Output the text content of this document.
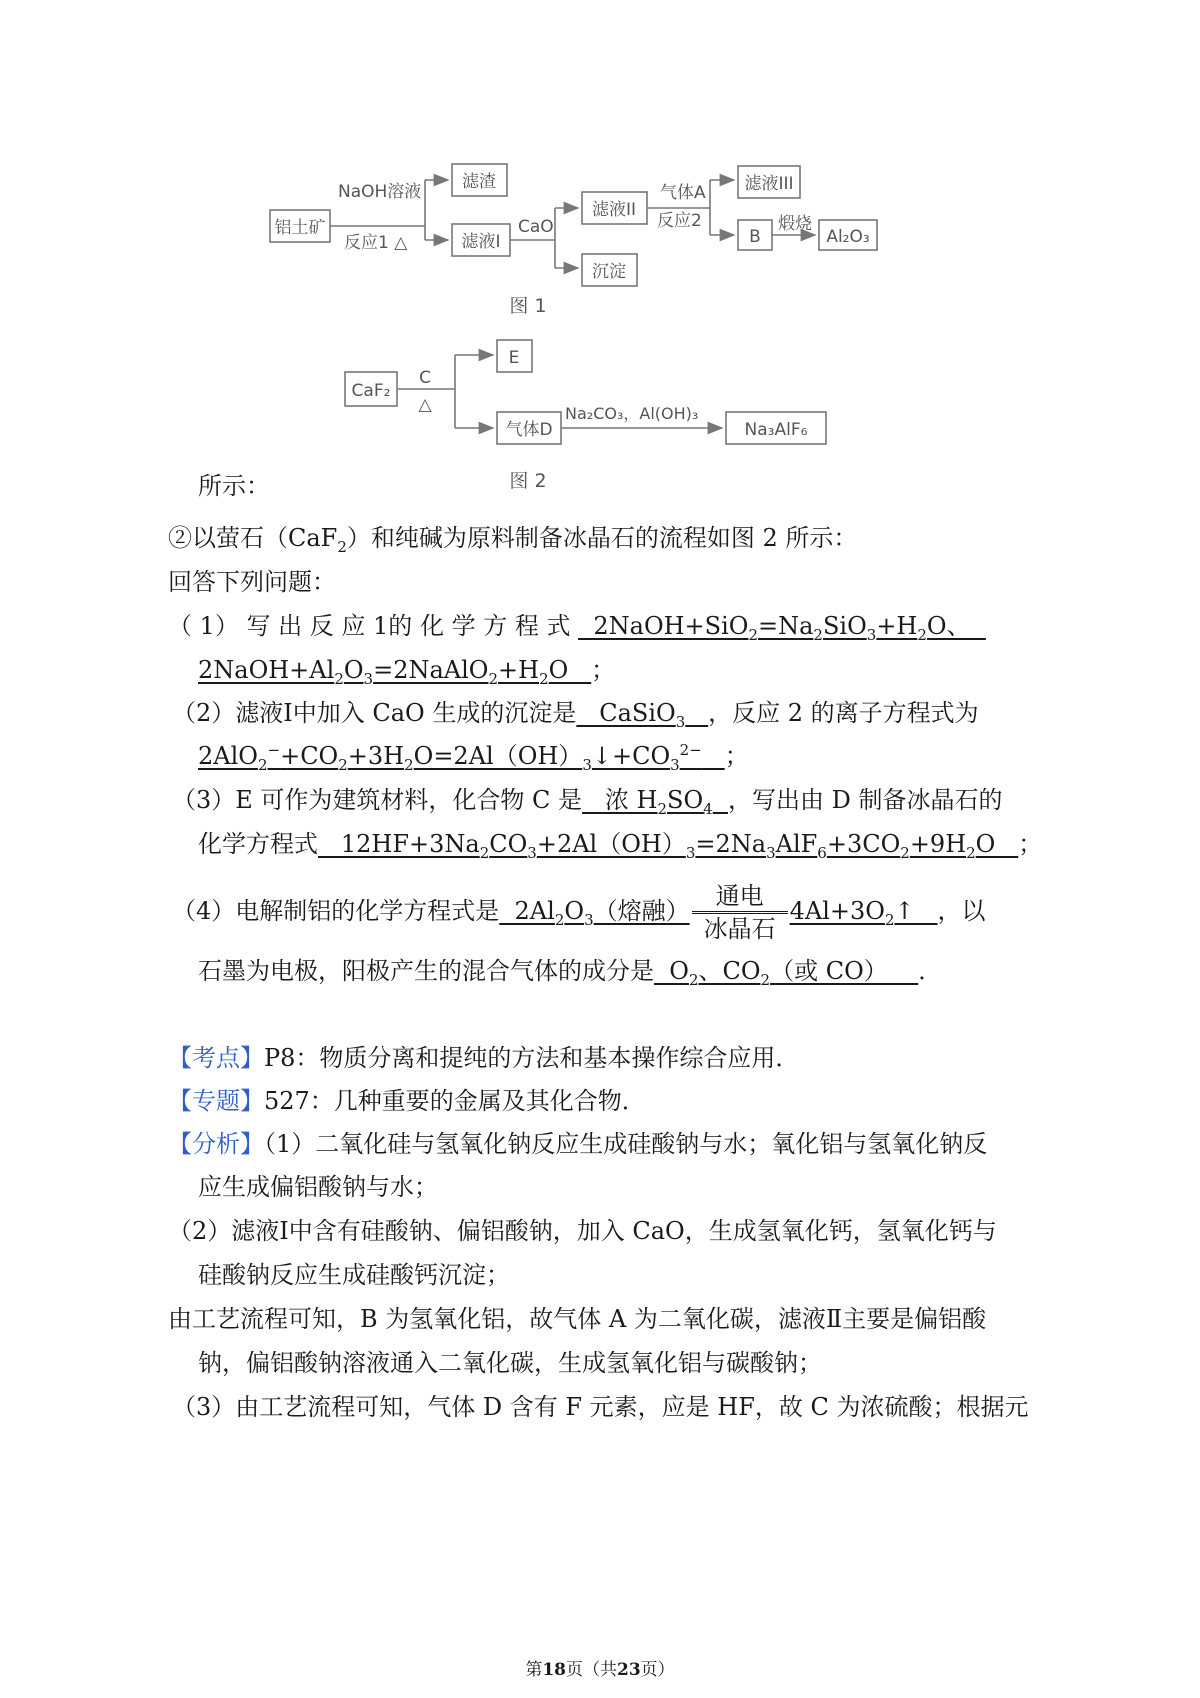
铝土矿
NaOH溶液
反应1 △
滤渣
滤液I
CaO
滤液II
沉淀
气体A
反应2
滤液III
B
煅烧
Al₂O₃
图 1
CaF₂
C
△
E
气体D
Na₂CO₃，Al(OH)₃
Na₃AlF₆
图 2
所示：
②以萤石（CaF$_2$）和纯碱为原料制备冰晶石的流程如图 2 所示：
回答下列问题：
（ 1） 写 出 反 应 1的 化 学 方 程 式   $2NaOH+SiO_2=Na_2SiO_3+H_2O$、
$2NaOH+Al_2O_3=2NaAlO_2+H_2O$   ；
（2）滤液Ⅰ中加入 CaO 生成的沉淀是   CaSiO$_3$ ，反应 2 的离子方程式为
$2AlO_2^-+CO_2+3H_2O=2Al(OH)_3↓+CO_3^{2-}$ ；
（3）E 可作为建筑材料，化合物 C 是   浓 $H_2SO_4$ ，写出由 D 制备冰晶石的
化学方程式   $12HF+3Na_2CO_3+2Al(OH)_3=2Na_3AlF_6+3CO_2+9H_2O$   ；
（4）电解制铝的化学方程式是  $2Al_2O_3$（熔融） $\frac{\text{通电}}{\text{冰晶石}}$ $4Al+3O_2↑$   ，以
石墨为电极，阳极产生的混合气体的成分是  $O_2$、$CO_2$（或 CO）    ．
【考点】P8：物质分离和提纯的方法和基本操作综合应用．
【专题】527：几种重要的金属及其化合物．
【分析】（1）二氧化硅与氢氧化钠反应生成硅酸钠与水；氧化铝与氢氧化钠反
应生成偏铝酸钠与水；
（2）滤液Ⅰ中含有硅酸钠、偏铝酸钠，加入 CaO，生成氢氧化钙，氢氧化钙与
硅酸钠反应生成硅酸钙沉淀；
由工艺流程可知，B 为氢氧化铝，故气体 A 为二氧化碳，滤液Ⅱ主要是偏铝酸
钠，偏铝酸钠溶液通入二氧化碳，生成氢氧化铝与碳酸钠；
（3）由工艺流程可知，气体 D 含有 F 元素，应是 HF，故 C 为浓硫酸；根据元
第18页（共23页）
